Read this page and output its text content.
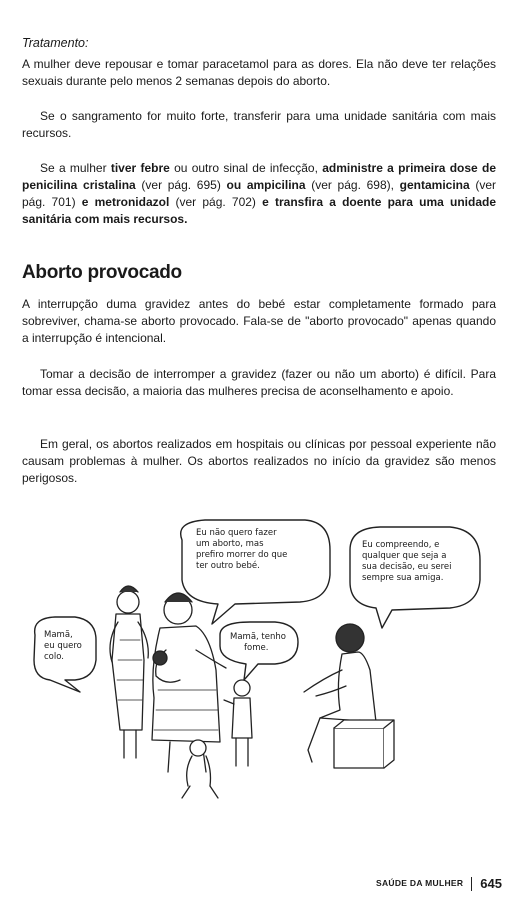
Tratamento:

A mulher deve repousar e tomar paracetamol para as dores. Ela não deve ter relações sexuais durante pelo menos 2 semanas depois do aborto.

Se o sangramento for muito forte, transferir para uma unidade sanitária com mais recursos.

Se a mulher tiver febre ou outro sinal de infecção, administre a primeira dose de penicilina cristalina (ver pág. 695) ou ampicilina (ver pág. 698), gentamicina (ver pág. 701) e metronidazol (ver pág. 702) e transfira a doente para uma unidade sanitária com mais recursos.

Aborto provocado

A interrupção duma gravidez antes do bebé estar completamente formado para sobreviver, chama-se aborto provocado. Fala-se de "aborto provocado" apenas quando a interrupção é intencional.

Tomar a decisão de interromper a gravidez (fazer ou não um aborto) é difícil. Para tomar essa decisão, a maioria das mulheres precisa de aconselhamento e apoio.

Em geral, os abortos realizados em hospitais ou clínicas por pessoal experiente não causam problemas à mulher. Os abortos realizados no início da gravidez são menos perigosos.

Eu não quero fazer
um aborto, mas
prefiro morrer do que
ter outro bebé.
Eu compreendo, e
qualquer que seja a
sua decisão, eu serei
sempre sua amiga.
Mamã,
eu quero
colo.
Mamã, tenho
fome.
SAÚDE DA MULHER 645
